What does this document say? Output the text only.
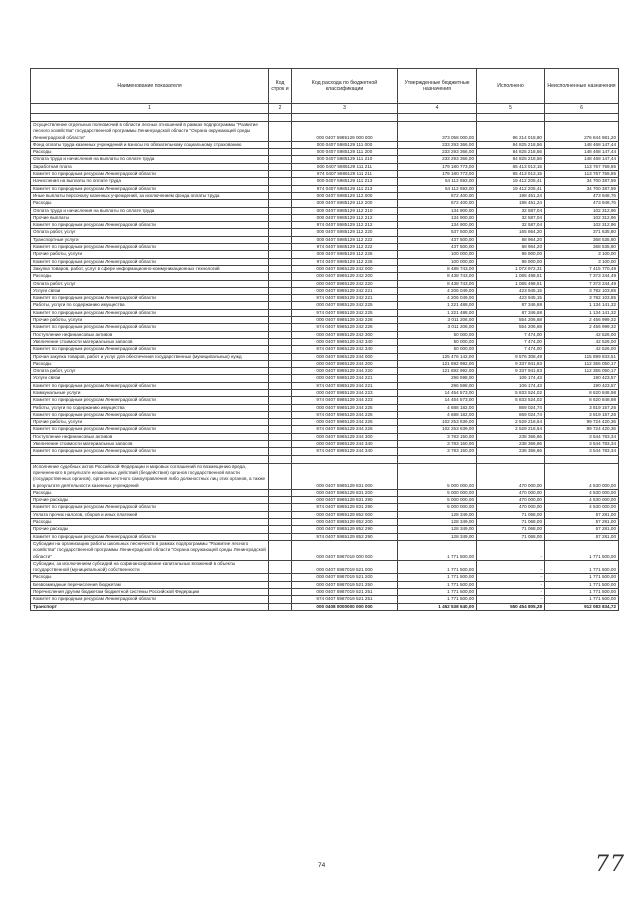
Наименование показателя	Код строк и	Код расхода по бюджетной классификации	Утвержденные бюджетные назначения	Исполнено	Неисполненные назначения
1	2	3	4	5	6

Осуществление отдельных полномочий в области лесных отношений в рамках подпрограммы "Развитие лесного хозяйства" государственной программы Ленинградской области "Охрана окружающей среды Ленинградской области"		000 0407 5985129 000 000	373 058 000,00	96 214 018,80	276 844 981,20
Фонд оплаты труда казенных учреждений и взносы по обязательному социальному страхованию		000 0407 5985129 111 000	233 293 366,00	84 825 218,56	148 468 147,44
Расходы		000 0407 5985129 111 200	233 293 366,00	84 825 218,56	148 468 147,44
Оплата труда и начисления на выплаты по оплате труда		000 0407 5985129 111 210	233 293 366,00	84 825 218,56	148 468 147,44
Заработная плата		000 0407 5985129 111 211	179 180 773,00	65 413 013,15	113 767 759,85
Комитет по природным ресурсам Ленинградской области		974 0407 5985129 111 211	179 180 773,00	65 413 013,15	113 767 759,85
Начисления на выплаты по оплате труда		000 0407 5985129 111 213	54 112 593,00	19 412 205,41	34 700 387,59
Комитет по природным ресурсам Ленинградской области		974 0407 5985129 111 213	54 112 593,00	19 412 205,41	34 700 387,59
Иные выплаты персоналу казенных учреждений, за исключением фонда оплаты труда		000 0407 5985129 112 000	672 400,00	198 451,24	473 948,76
Расходы		000 0407 5985129 112 200	672 400,00	198 451,24	473 948,76
Оплата труда и начисления на выплаты по оплате труда		000 0407 5985129 112 210	134 900,00	32 587,04	102 312,96
Прочие выплаты		000 0407 5985129 112 212	134 900,00	32 587,04	102 312,96
Комитет по природным ресурсам Ленинградской области		974 0407 5985129 112 212	134 900,00	32 587,04	102 312,96
Оплата работ, услуг		000 0407 5985129 112 220	537 500,00	165 864,20	371 635,80
Транспортные услуги		000 0407 5985129 112 222	437 500,00	68 964,20	368 535,80
Комитет по природным ресурсам Ленинградской области		974 0407 5985129 112 222	437 500,00	68 964,20	368 535,80
Прочие работы, услуги		000 0407 5985129 112 226	100 000,00	96 900,00	3 100,00
Комитет по природным ресурсам Ленинградской области		974 0407 5985129 112 226	100 000,00	96 900,00	3 100,00
Закупка товаров, работ, услуг в сфере информационно-коммуникационных технологий		000 0407 5985129 242 000	8 488 743,00	1 072 972,31	7 415 770,49
Расходы		000 0407 5985129 242 200	8 438 743,00	1 065 498,51	7 373 244,49
Оплата работ, услуг		000 0407 5985129 242 220	8 438 743,00	1 065 498,51	7 373 244,49
Услуги связи		000 0407 5985129 242 221	4 206 049,00	423 945,15	3 782 103,85
Комитет по природным ресурсам Ленинградской области		974 0407 5985129 242 221	4 206 049,00	423 945,15	3 782 103,85
Работы, услуги по содержанию имущества		000 0407 5985129 242 225	1 221 488,00	87 346,68	1 134 141,32
Комитет по природным ресурсам Ленинградской области		974 0407 5985129 242 225	1 221 488,00	87 346,68	1 134 141,32
Прочие работы, услуги		000 0407 5985129 242 226	3 011 206,00	554 206,68	2 456 999,32
Комитет по природным ресурсам Ленинградской области		974 0407 5985129 242 226	3 011 206,00	554 206,68	2 456 999,32
Поступление нефинансовых активов		000 0407 5985129 242 300	50 000,00	7 474,00	42 526,00
Увеличение стоимости материальных запасов		000 0407 5985129 242 340	50 000,00	7 474,00	42 526,00
Комитет по природным ресурсам Ленинградской области		974 0407 5985129 242 340	50 000,00	7 474,00	42 526,00
Прочая закупка товаров, работ и услуг для обеспечения государственных (муниципальных) нужд		000 0407 5985129 244 000	125 476 142,00	9 576 308,49	115 899 833,51
Расходы		000 0407 5985129 244 200	121 692 992,00	9 337 941,83	112 355 050,17
Оплата работ, услуг		000 0407 5985129 244 220	121 692 992,00	9 337 941,83	112 355 050,17
Услуги связи		000 0407 5985129 244 221	296 598,00	106 174,43	190 423,57
Комитет по природным ресурсам Ленинградской области		974 0407 5985129 244 221	296 598,00	106 174,43	190 423,57
Коммунальные услуги		000 0407 5985129 244 223	14 454 573,00	5 833 524,02	8 620 848,98
Комитет по природным ресурсам Ленинградской области		974 0407 5985129 244 223	14 454 573,00	5 833 524,02	8 620 848,98
Работы, услуги по содержанию имущества		000 0407 5985129 244 225	4 688 182,00	869 024,74	3 819 157,26
Комитет по природным ресурсам Ленинградской области		974 0407 5985129 244 225	4 688 182,00	869 024,74	3 819 157,26
Прочие работы, услуги		000 0407 5985129 244 226	102 253 639,00	2 529 218,64	99 724 420,36
Комитет по природным ресурсам Ленинградской области		974 0407 5985129 244 226	102 253 639,00	2 529 218,64	99 724 420,36
Поступление нефинансовых активов		000 0407 5985129 244 300	3 783 150,00	238 366,66	3 544 783,34
Увеличение стоимости материальных запасов		000 0407 5985129 244 340	3 783 150,00	238 366,66	3 544 783,34
Комитет по природным ресурсам Ленинградской области		974 0407 5985129 244 340	3 783 150,00	238 366,66	3 544 783,34

Исполнение судебных актов Российской Федерации и мировых соглашений по возмещению вреда, причиненного в результате незаконных действий (бездействия) органов государственной власти (государственных органов), органов местного самоуправления либо должностных лиц этих органов, а также в результате деятельности казенных учреждений		000 0407 5985129 831 000	5 000 000,00	470 000,00	4 530 000,00
Расходы		000 0407 5985129 831 200	5 000 000,00	470 000,00	4 530 000,00
Прочие расходы		000 0407 5985129 831 290	5 000 000,00	470 000,00	4 530 000,00
Комитет по природным ресурсам Ленинградской области		974 0407 5985129 831 290	5 000 000,00	470 000,00	4 530 000,00
Уплата прочих налогов, сборов и иных платежей		000 0407 5985129 852 000	128 349,00	71 068,00	57 281,00
Расходы		000 0407 5985129 852 200	128 349,00	71 068,00	57 281,00
Прочие расходы		000 0407 5985129 852 290	128 349,00	71 068,00	57 281,00
Комитет по природным ресурсам Ленинградской области		974 0407 5985129 852 290	128 349,00	71 068,00	57 281,00
Субсидии на организацию работы школьных лесничеств в рамках подпрограммы "Развитие лесного хозяйства" государственной программы Ленинградской области "Охрана окружающей среды Ленинградской области"		000 0407 5987019 000 000	1 771 500,00	-	1 771 500,00
Субсидии, за исключением субсидий на софинансирование капитальных вложений в объекты государственной (муниципальной) собственности		000 0407 5987019 521 000	1 771 500,00	-	1 771 500,00
Расходы		000 0407 5987019 521 200	1 771 500,00	-	1 771 500,00
Безвозмездные перечисления бюджетам		000 0407 5987019 521 250	1 771 500,00	-	1 771 500,00
Перечисления другим бюджетам бюджетной системы Российской Федерации		000 0407 5987019 521 251	1 771 500,00	-	1 771 500,00
Комитет по природным ресурсам Ленинградской области		974 0407 5987019 521 251	1 771 500,00	-	1 771 500,00
Транспорт		000 0408 0000000 000 000	1 462 538 640,00	550 454 805,28	912 083 834,72
74	77
